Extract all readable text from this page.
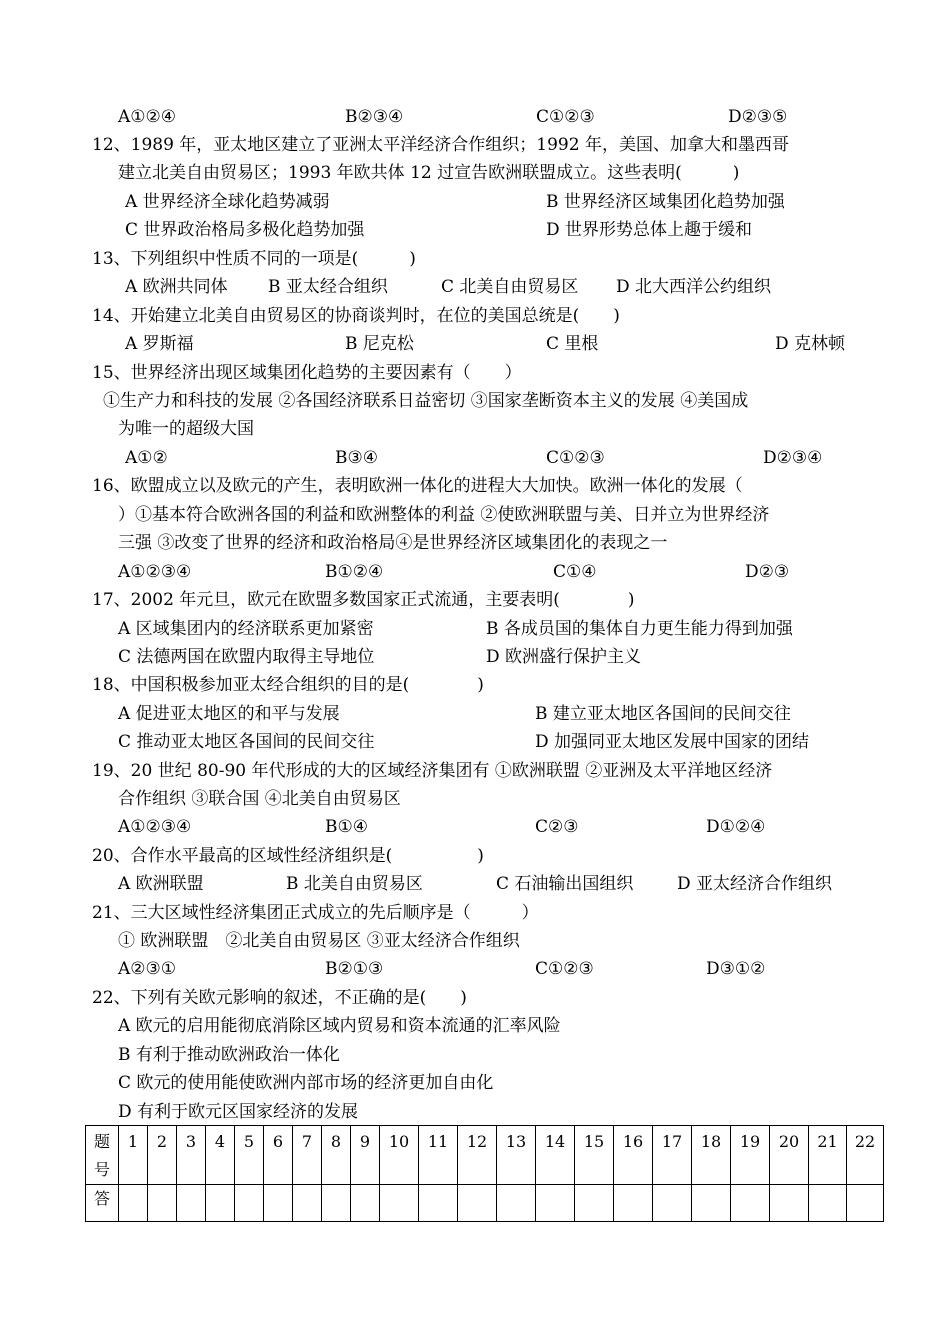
A①②④	B②③④	C①②③	D②③⑤
12、1989 年，亚太地区建立了亚洲太平洋经济合作组织；1992 年，美国、加拿大和墨西哥
建立北美自由贸易区；1993 年欧共体 12 过宣告欧洲联盟成立。这些表明(　　　)
A 世界经济全球化趋势减弱	B 世界经济区域集团化趋势加强
C 世界政治格局多极化趋势加强	D 世界形势总体上趣于缓和
13、下列组织中性质不同的一项是(　　　)
A 欧洲共同体 B 亚太经合组织	C 北美自由贸易区 D 北大西洋公约组织
14、开始建立北美自由贸易区的协商谈判时，在位的美国总统是(　　)
A 罗斯福	B 尼克松	C 里根	D 克林顿
15、世界经济出现区域集团化趋势的主要因素有（　　）
①生产力和科技的发展 ②各国经济联系日益密切 ③国家垄断资本主义的发展 ④美国成
为唯一的超级大国
A①②	B③④	C①②③	D②③④
16、欧盟成立以及欧元的产生，表明欧洲一体化的进程大大加快。欧洲一体化的发展（
）①基本符合欧洲各国的利益和欧洲整体的利益 ②使欧洲联盟与美、日并立为世界经济
三强 ③改变了世界的经济和政治格局④是世界经济区域集团化的表现之一
A①②③④	B①②④	C①④	D②③
17、2002 年元旦，欧元在欧盟多数国家正式流通，主要表明(　　　　)
A 区域集团内的经济联系更加紧密	B 各成员国的集体自力更生能力得到加强
C 法德两国在欧盟内取得主导地位	D 欧洲盛行保护主义
18、中国积极参加亚太经合组织的目的是(　　　　)
A 促进亚太地区的和平与发展	B 建立亚太地区各国间的民间交往
C 推动亚太地区各国间的民间交往	D 加强同亚太地区发展中国家的团结
19、20 世纪 80-90 年代形成的大的区域经济集团有 ①欧洲联盟 ②亚洲及太平洋地区经济
合作组织 ③联合国 ④北美自由贸易区
A①②③④	B①④	C②③	D①②④
20、合作水平最高的区域性经济组织是(　　　　　)
A 欧洲联盟	B 北美自由贸易区	C 石油输出国组织	D 亚太经济合作组织
21、三大区域性经济集团正式成立的先后顺序是（　　　）
① 欧洲联盟　②北美自由贸易区 ③亚太经济合作组织
A②③①	B②①③	C①②③	D③①②
22、下列有关欧元影响的叙述，不正确的是(　　)
A 欧元的启用能彻底消除区域内贸易和资本流通的汇率风险
B 有利于推动欧洲政治一体化
C 欧元的使用能使欧洲内部市场的经济更加自由化
D 有利于欧元区国家经济的发展
题
号	1	2	3	4	5	6	7	8	9	10	11	12	13	14	15	16	17	18	19	20	21	22
答																						
